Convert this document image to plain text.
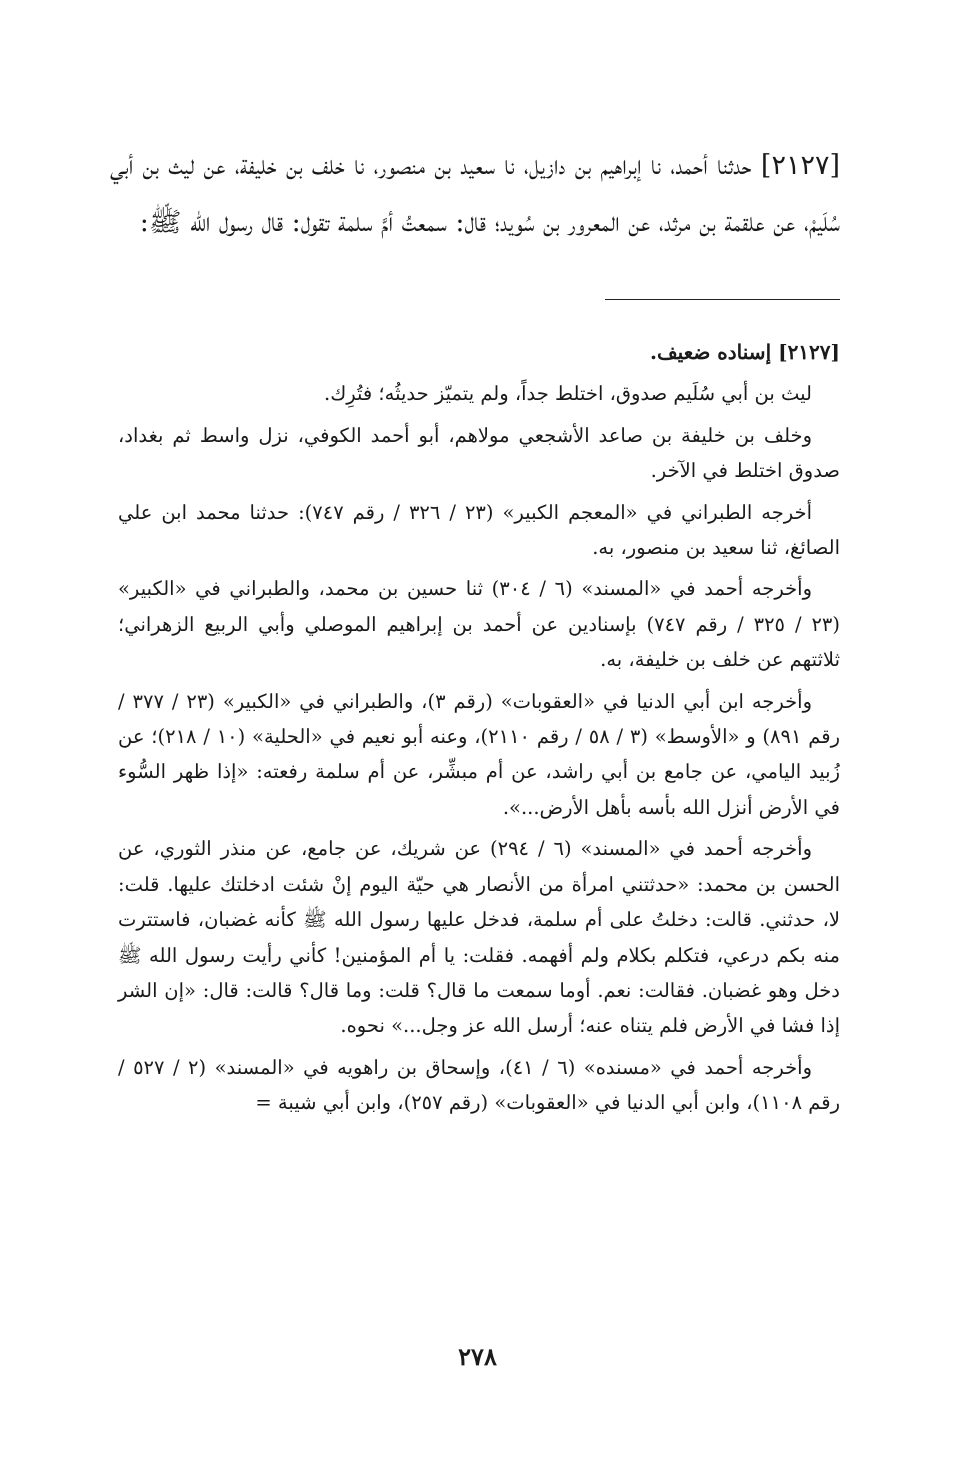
[٢١٢٧] حدثنا أحمد، نا إبراهيم بن دازيل، نا سعيد بن منصور، نا خلف بن خليفة، عن ليث بن أبي سُلَيمْ، عن علقمة بن مرثد، عن المعرور بن سُويد؛ قال: سمعتُ أمَّ سلمة تقول: قال رسول الله ﷺ:

[٢١٢٧] إسناده ضعيف.

ليث بن أبي سُلَيم صدوق، اختلط جداً، ولم يتميّز حديثُه؛ فتُرِك.

وخلف بن خليفة بن صاعد الأشجعي مولاهم، أبو أحمد الكوفي، نزل واسط ثم بغداد، صدوق اختلط في الآخر.

أخرجه الطبراني في «المعجم الكبير» (٢٣ / ٣٢٦ / رقم ٧٤٧): حدثنا محمد ابن علي الصائغ، ثنا سعيد بن منصور، به.

وأخرجه أحمد في «المسند» (٦ / ٣٠٤) ثنا حسين بن محمد، والطبراني في «الكبير» (٢٣ / ٣٢٥ / رقم ٧٤٧) بإسنادين عن أحمد بن إبراهيم الموصلي وأبي الربيع الزهراني؛ ثلاثتهم عن خلف بن خليفة، به.

وأخرجه ابن أبي الدنيا في «العقوبات» (رقم ٣)، والطبراني في «الكبير» (٢٣ / ٣٧٧ / رقم ٨٩١) و «الأوسط» (٣ / ٥٨ / رقم ٢١١٠)، وعنه أبو نعيم في «الحلية» (١٠ / ٢١٨)؛ عن زُبيد اليامي، عن جامع بن أبي راشد، عن أم مبشِّر، عن أم سلمة رفعته: «إذا ظهر السُّوء في الأرض أنزل الله بأسه بأهل الأرض...».

وأخرجه أحمد في «المسند» (٦ / ٢٩٤) عن شريك، عن جامع، عن منذر الثوري، عن الحسن بن محمد: «حدثتني امرأة من الأنصار هي حيّة اليوم إنْ شئت ادخلتك عليها. قلت: لا، حدثني. قالت: دخلتُ على أم سلمة، فدخل عليها رسول الله ﷺ كأنه غضبان، فاستترت منه بكم درعي، فتكلم بكلام ولم أفهمه. فقلت: يا أم المؤمنين! كأني رأيت رسول الله ﷺ دخل وهو غضبان. فقالت: نعم. أوما سمعت ما قال؟ قلت: وما قال؟ قالت: قال: «إن الشر إذا فشا في الأرض فلم يتناه عنه؛ أرسل الله عز وجل...» نحوه.

وأخرجه أحمد في «مسنده» (٦ / ٤١)، وإسحاق بن راهويه في «المسند» (٢ / ٥٢٧ / رقم ١١٠٨)، وابن أبي الدنيا في «العقوبات» (رقم ٢٥٧)، وابن أبي شيبة =

٢٧٨
